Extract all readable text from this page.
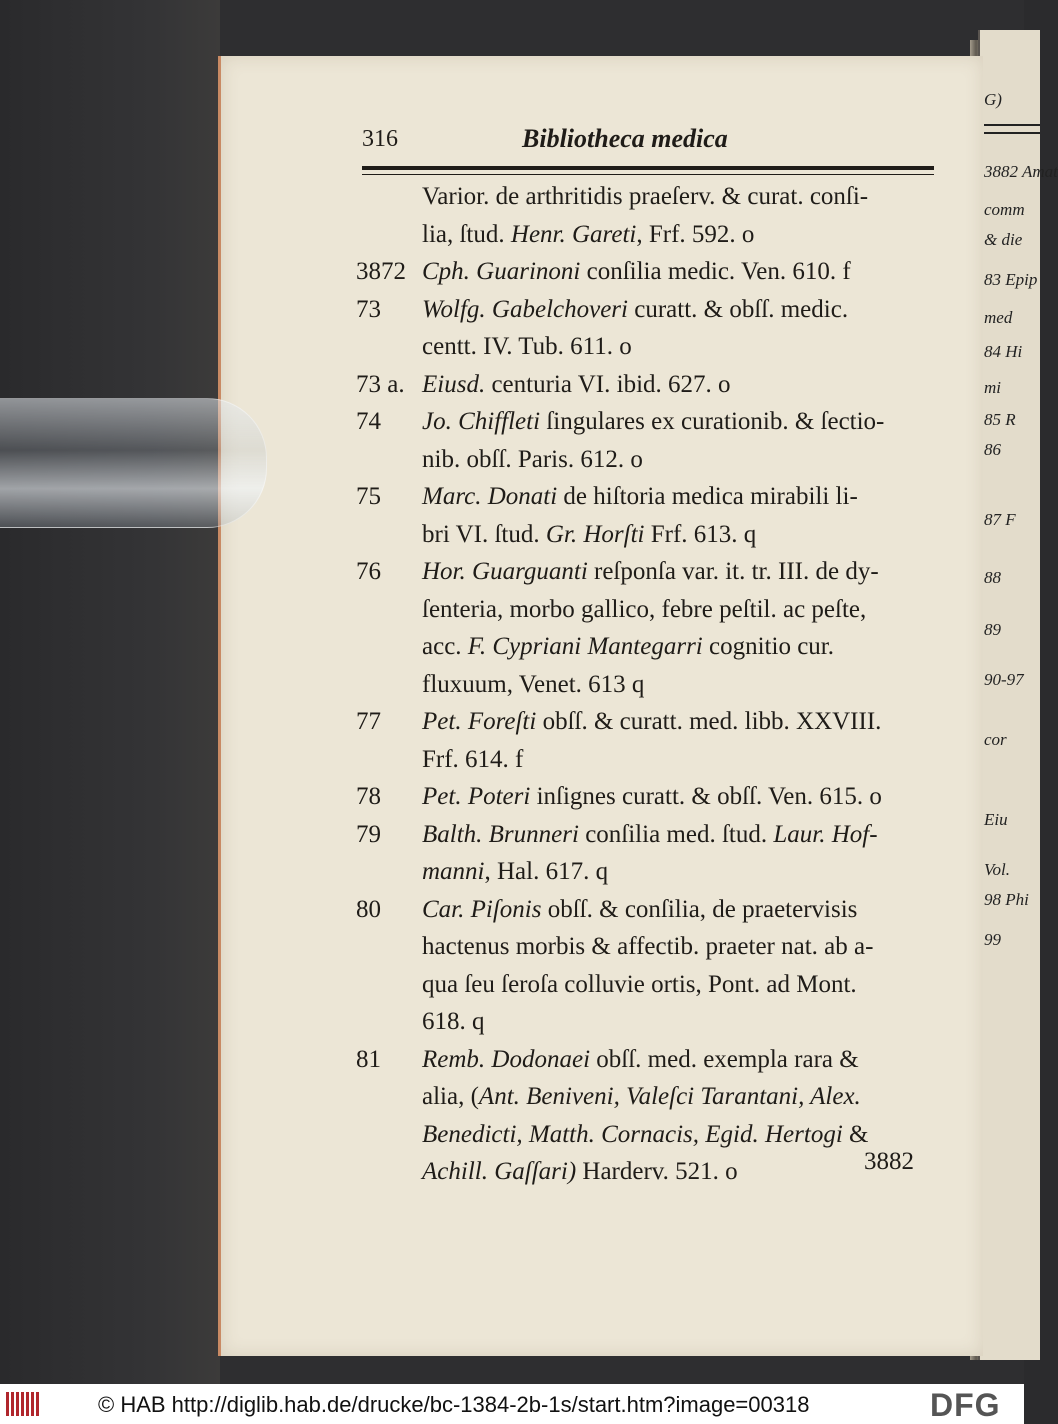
G)
3882 Amat
comm
& die
83 Epip
med
84 Hi
mi
85 R
86
87 F
88
89
90-97
cor
Eiu
Vol.
98 Phi
99
316	Bibliotheca medica
Varior. de arthritidis praeſerv. & curat. conſi-
lia, ſtud. Henr. Gareti, Frf. 592. o
3872 Cph. Guarinoni conſilia medic. Ven. 610. f
73	Wolfg. Gabelchoveri curatt. & obſſ. medic.
centt. IV. Tub. 611. o
73 a. Eiusd. centuria VI. ibid. 627. o
74	Jo. Chiffleti ſingulares ex curationib. & ſectio-
nib. obſſ. Paris. 612. o
75	Marc. Donati de hiſtoria medica mirabili li-
bri VI. ſtud. Gr. Horſti Frf. 613. q
76	Hor. Guarguanti reſponſa var. it. tr. III. de dy-
ſenteria, morbo gallico, febre peſtil. ac peſte,
acc. F. Cypriani Mantegarri cognitio cur.
fluxuum, Venet. 613 q
77	Pet. Foreſti obſſ. & curatt. med. libb. XXVIII.
Frf. 614. f
78	Pet. Poteri inſignes curatt. & obſſ. Ven. 615. o
79	Balth. Brunneri conſilia med. ſtud. Laur. Hof-
manni, Hal. 617. q
80	Car. Piſonis obſſ. & conſilia, de praetervisis
hactenus morbis & affectib. praeter nat. ab a-
qua ſeu ſeroſa colluvie ortis, Pont. ad Mont.
618. q
81	Remb. Dodonaei obſſ. med. exempla rara &
alia, (Ant. Beniveni, Valeſci Tarantani, Alex.
Benedicti, Matth. Cornacis, Egid. Hertogi &
Achill. Gaſſari) Harderv. 521. o	3882
© HAB http://diglib.hab.de/drucke/bc-1384-2b-1s/start.htm?image=00318	DFG
